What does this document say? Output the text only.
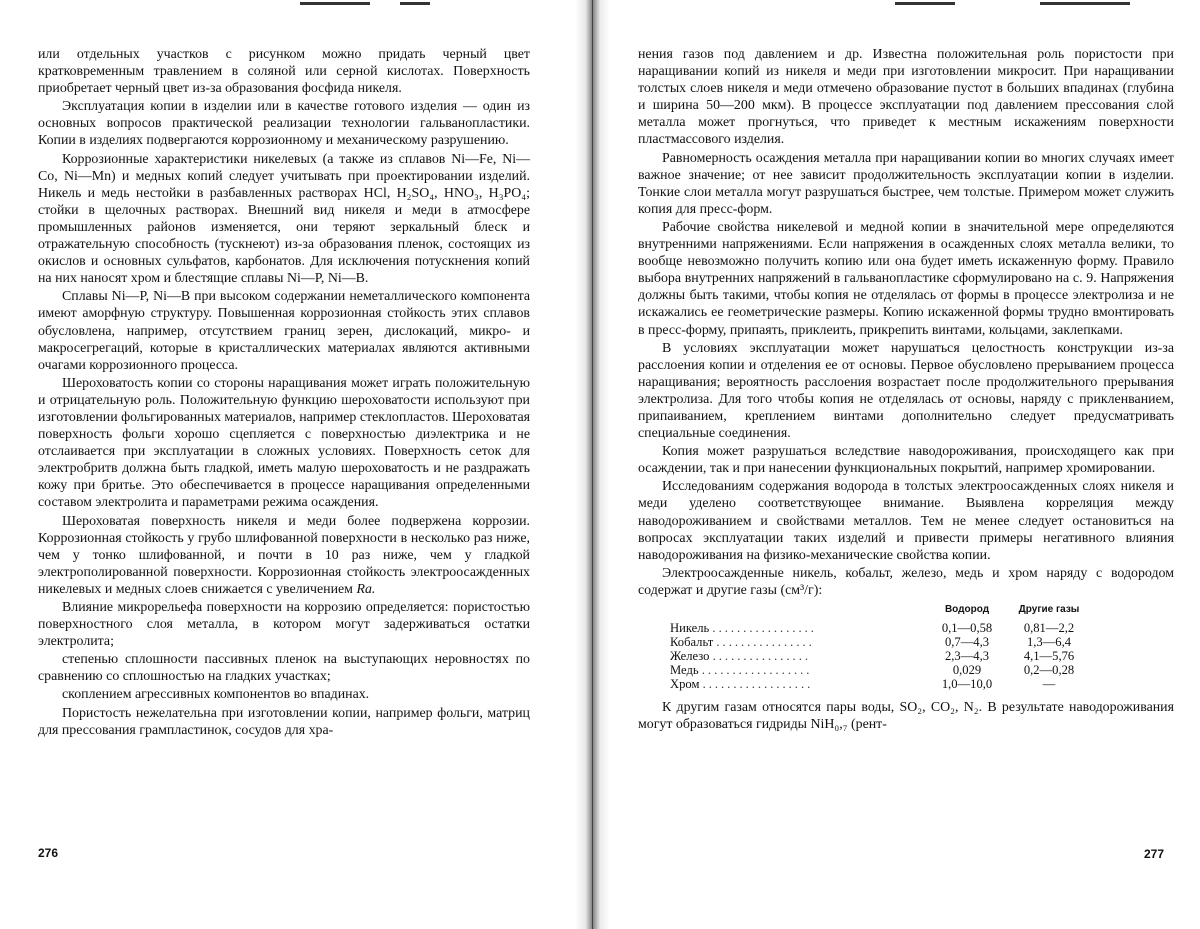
или отдельных участков с рисунком можно придать черный цвет кратковременным травлением в соляной или серной кислотах. Поверхность приобретает черный цвет из-за образования фосфида никеля.

Эксплуатация копии в изделии или в качестве готового изделия — один из основных вопросов практической реализации технологии гальванопластики. Копии в изделиях подвергаются коррозионному и механическому разрушению.

Коррозионные характеристики никелевых (а также из сплавов Ni—Fe, Ni—Co, Ni—Mn) и медных копий следует учитывать при проектировании изделий. Никель и медь нестойки в разбавленных растворах HCl, H₂SO₄, HNO₃, H₃PO₄; стойки в щелочных растворах. Внешний вид никеля и меди в атмосфере промышленных районов изменяется, они теряют зеркальный блеск и отражательную способность (тускнеют) из-за образования пленок, состоящих из окислов и основных сульфатов, карбонатов. Для исключения потускнения копий на них наносят хром и блестящие сплавы Ni—P, Ni—B.

Сплавы Ni—P, Ni—B при высоком содержании неметаллического компонента имеют аморфную структуру. Повышенная коррозионная стойкость этих сплавов обусловлена, например, отсутствием границ зерен, дислокаций, микро- и макросегрегаций, которые в кристаллических материалах являются активными очагами коррозионного процесса.

Шероховатость копии со стороны наращивания может играть положительную и отрицательную роль. Положительную функцию шероховатости используют при изготовлении фольгированных материалов, например стеклопластов. Шероховатая поверхность фольги хорошо сцепляется с поверхностью диэлектрика и не отслаивается при эксплуатации в сложных условиях. Поверхность сеток для электробритв должна быть гладкой, иметь малую шероховатость и не раздражать кожу при бритье. Это обеспечивается в процессе наращивания определенными составом электролита и параметрами режима осаждения.

Шероховатая поверхность никеля и меди более подвержена коррозии. Коррозионная стойкость у грубо шлифованной поверхности в несколько раз ниже, чем у тонко шлифованной, и почти в 10 раз ниже, чем у гладкой электрополированной поверхности. Коррозионная стойкость электроосажденных никелевых и медных слоев снижается с увеличением Ra.

Влияние микрорельефа поверхности на коррозию определяется: пористостью поверхностного слоя металла, в котором могут задерживаться остатки электролита;

степенью сплошности пассивных пленок на выступающих неровностях по сравнению со сплошностью на гладких участках;

скоплением агрессивных компонентов во впадинах.

Пористость нежелательна при изготовлении копии, например фольги, матриц для прессования грамплaстинок, сосудов для хра-

276

нения газов под давлением и др. Известна положительная роль пористости при наращивании копий из никеля и меди при изготовлении микросит. При наращивании толстых слоев никеля и меди отмечено образование пустот в больших впадинах (глубина и ширина 50—200 мкм). В процессе эксплуатации под давлением прессования слой металла может прогнуться, что приведет к местным искажениям поверхности пластмассового изделия.

Равномерность осаждения металла при наращивании копии во многих случаях имеет важное значение; от нее зависит продолжительность эксплуатации копии в изделии. Тонкие слои металла могут разрушаться быстрее, чем толстые. Примером может служить копия для пресс-форм.

Рабочие свойства никелевой и медной копии в значительной мере определяются внутренними напряжениями. Если напряжения в осажденных слоях металла велики, то вообще невозможно получить копию или она будет иметь искаженную форму. Правило выбора внутренних напряжений в гальванопластике сформулировано на с. 9. Напряжения должны быть такими, чтобы копия не отделялась от формы в процессе электролиза и не искажались ее геометрические размеры. Копию искаженной формы трудно вмонтировать в пресс-форму, припаять, приклеить, прикрепить винтами, кольцами, заклепками.

В условиях эксплуатации может нарушаться целостность конструкции из-за расслоения копии и отделения ее от основы. Первое обусловлено прерыванием процесса наращивания; вероятность расслоения возрастает после продолжительного прерывания электролиза. Для того чтобы копия не отделялась от основы, наряду с прикленванием, припаиванием, креплением винтами дополнительно следует предусматривать специальные соединения.

Копия может разрушаться вследствие наводороживания, происходящего как при осаждении, так и при нанесении функциональных покрытий, например хромировании.

Исследованиям содержания водорода в толстых электроосажденных слоях никеля и меди уделено соответствующее внимание. Выявлена корреляция между наводороживанием и свойствами металлов. Тем не менее следует остановиться на вопросах эксплуатации таких изделий и привести примеры негативного влияния наводороживания на физико-механические свойства копии.

Электроосажденные никель, кобальт, железо, медь и хром наряду с водородом содержат и другие газы (см³/г):

	Водород	Другие газы
Никель .................	0,1—0,58	0,81—2,2
Кобальт ................	0,7—4,3	1,3—6,4
Железо ................	2,3—4,3	4,1—5,76
Медь ..................	0,029	0,2—0,28
Хром ..................	1,0—10,0	—

К другим газам относятся пары воды, SO₂, CO₂, N₂. В результате наводороживания могут образоваться гидриды NiH₀,₇ (рент-

277
